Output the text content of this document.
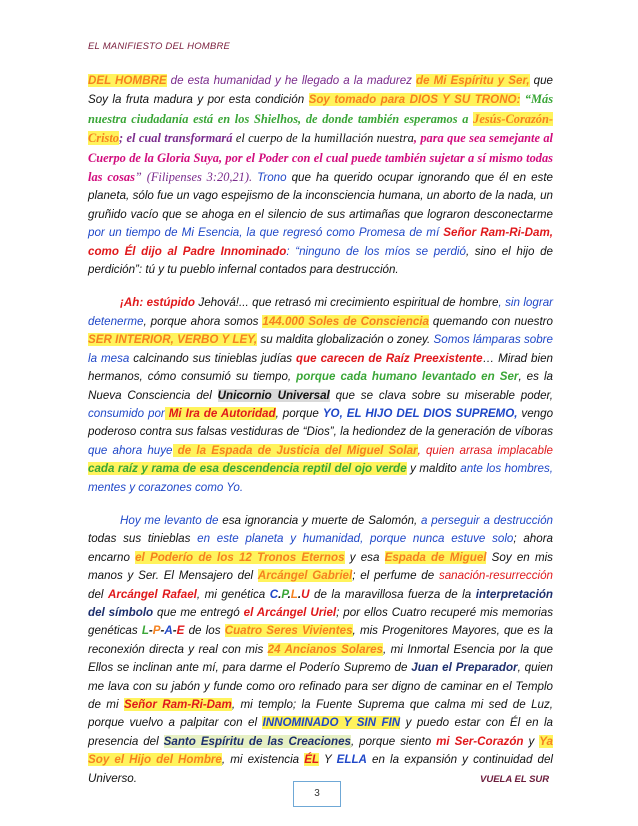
EL MANIFIESTO DEL HOMBRE

DEL HOMBRE de esta humanidad y he llegado a la madurez de Mi Espíritu y Ser, que Soy la fruta madura y por esta condición Soy tomado para DIOS Y SU TRONO: “Más nuestra ciudadanía está en los Shielhos, de donde también esperamos a Jesús-Corazón-Cristo; el cual transformará el cuerpo de la humillación nuestra, para que sea semejante al Cuerpo de la Gloria Suya, por el Poder con el cual puede también sujetar a sí mismo todas las cosas” (Filipenses 3:20,21). Trono que ha querido ocupar ignorando que él en este planeta, sólo fue un vago espejismo de la inconsciencia humana, un aborto de la nada, un gruñido vacío que se ahoga en el silencio de sus artimañas que lograron desconectarme por un tiempo de Mi Esencia, la que regresó como Promesa de mí Señor Ram-Ri-Dam, como Él dijo al Padre Innominado: “ninguno de los míos se perdió, sino el hijo de perdición”: tú y tu pueblo infernal contados para destrucción.

¡Ah: estúpido Jehová!... que retrasó mi crecimiento espiritual de hombre, sin lograr detenerme, porque ahora somos 144.000 Soles de Consciencia quemando con nuestro SER INTERIOR, VERBO Y LEY, su maldita globalización o zoney. Somos lámparas sobre la mesa calcinando sus tinieblas judías que carecen de Raíz Preexistente… Mirad bien hermanos, cómo consumió su tiempo, porque cada humano levantado en Ser, es la Nueva Consciencia del Unicornio Universal que se clava sobre su miserable poder, consumido por Mi Ira de Autoridad, porque YO, EL HIJO DEL DIOS SUPREMO, vengo poderoso contra sus falsas vestiduras de “Dios”, la hediondez de la generación de víboras que ahora huye de la Espada de Justicia del Miguel Solar, quien arrasa implacable cada raíz y rama de esa descendencia reptil del ojo verde y maldito ante los hombres, mentes y corazones como Yo.

Hoy me levanto de esa ignorancia y muerte de Salomón, a perseguir a destrucción todas sus tinieblas en este planeta y humanidad, porque nunca estuve solo; ahora encarno el Poderío de los 12 Tronos Eternos y esa Espada de Miguel Soy en mis manos y Ser. El Mensajero del Arcángel Gabriel; el perfume de sanación-resurrección del Arcángel Rafael, mi genética C.P.L.U de la maravillosa fuerza de la interpretación del símbolo que me entregó el Arcángel Uriel; por ellos Cuatro recuperé mis memorias genéticas L-P-A-E de los Cuatro Seres Vivientes, mis Progenitores Mayores, que es la reconexión directa y real con mis 24 Ancianos Solares, mi Inmortal Esencia por la que Ellos se inclinan ante mí, para darme el Poderío Supremo de Juan el Preparador, quien me lava con su jabón y funde como oro refinado para ser digno de caminar en el Templo de mi Señor Ram-Ri-Dam, mi templo; la Fuente Suprema que calma mi sed de Luz, porque vuelvo a palpitar con el INNOMINADO Y SIN FIN y puedo estar con Él en la presencia del Santo Espíritu de las Creaciones, porque siento mi Ser-Corazón y Ya Soy el Hijo del Hombre, mi existencia ÉL Y ELLA en la expansión y continuidad del Universo.	VUELA EL SUR
3
